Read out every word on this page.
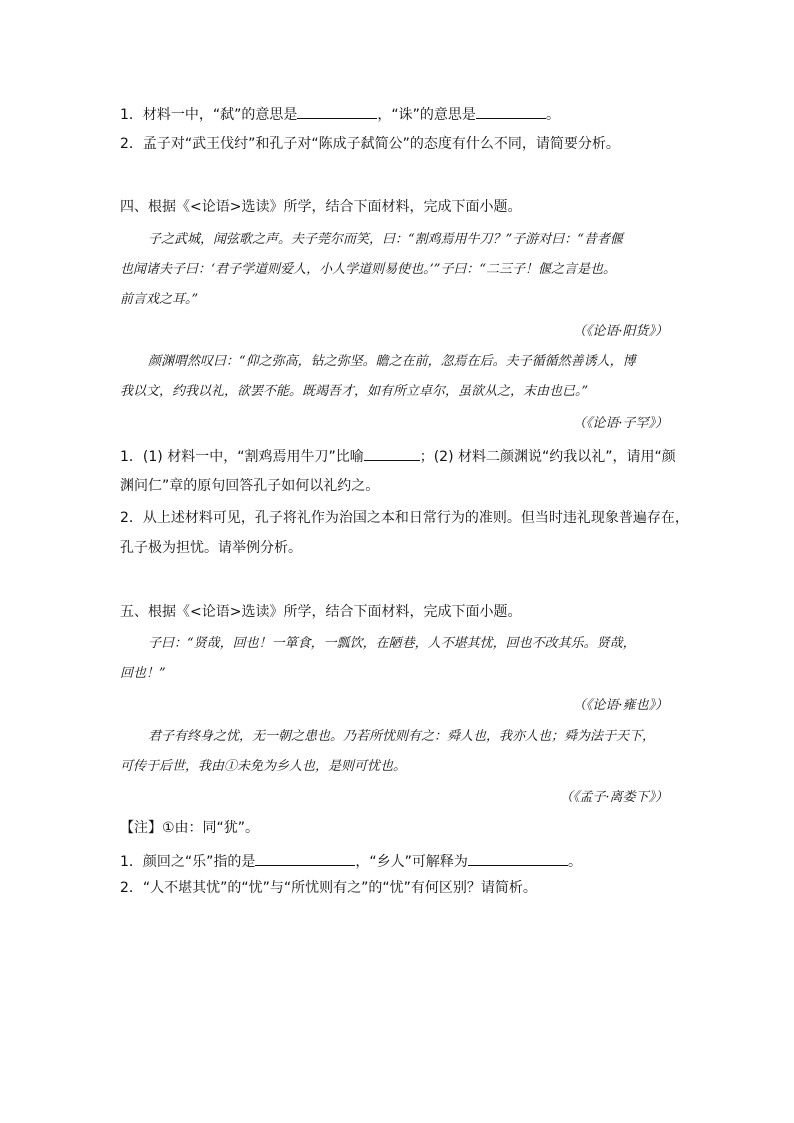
1．材料一中，“弑”的意思是	，“诛”的意思是	。
2．孟子对“武王伐纣”和孔子对“陈成子弑简公”的态度有什么不同，请简要分析。
四、根据《<论语>选读》所学，结合下面材料，完成下面小题。
子之武城，闻弦歌之声。夫子莞尔而笑，曰：“割鸡焉用牛刀？”子游对曰：“昔者偃
也闻诸夫子曰：‘君子学道则爱人，小人学道则易使也。’”子曰：“二三子！偃之言是也。
前言戏之耳。”
（《论语·阳货》）
颜渊喟然叹曰：“仰之弥高，钻之弥坚。瞻之在前，忽焉在后。夫子循循然善诱人，博
我以文，约我以礼，欲罢不能。既竭吾才，如有所立卓尔，虽欲从之，末由也已。”
（《论语·子罕》）
1．(1) 材料一中，“割鸡焉用牛刀”比喻	；(2) 材料二颜渊说“约我以礼”，请用“颜
渊问仁”章的原句回答孔子如何以礼约之。
2．从上述材料可见，孔子将礼作为治国之本和日常行为的准则。但当时违礼现象普遍存在，
孔子极为担忧。请举例分析。
五、根据《<论语>选读》所学，结合下面材料，完成下面小题。
子曰：“贤哉，回也！一箪食，一瓢饮，在陋巷，人不堪其忧，回也不改其乐。贤哉，
回也！”
（《论语·雍也》）
君子有终身之忧，无一朝之患也。乃若所忧则有之：舜人也，我亦人也；舜为法于天下，
可传于后世，我由①未免为乡人也，是则可忧也。
（《孟子·离娄下》）
【注】①由：同“犹”。
1．颜回之“乐”指的是	，“乡人”可解释为	。
2．“人不堪其忧”的“忧”与“所忧则有之”的“忧”有何区别？请简析。
